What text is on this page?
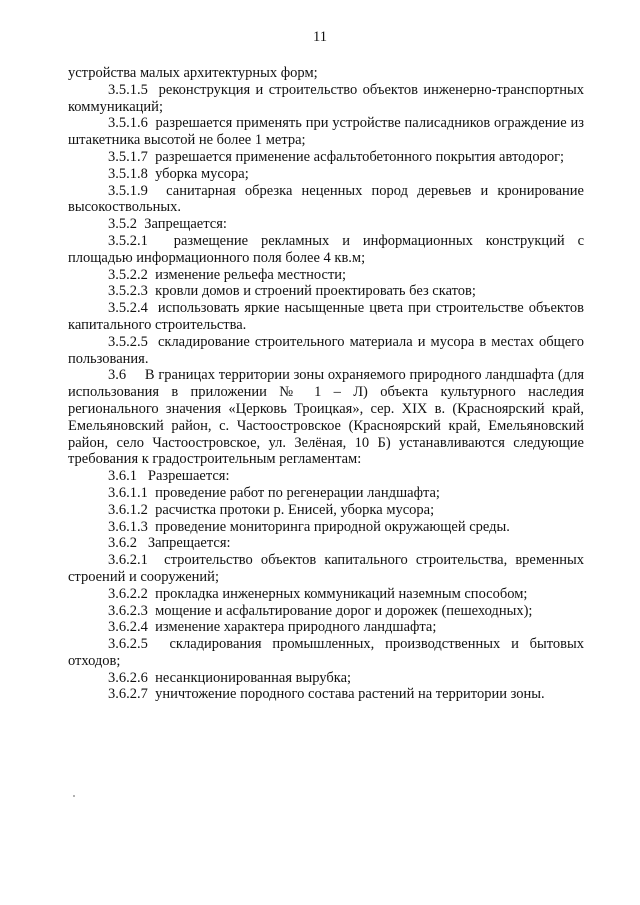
11

устройства малых архитектурных форм;

3.5.1.5 реконструкция и строительство объектов инженерно-транспортных коммуникаций;

3.5.1.6 разрешается применять при устройстве палисадников ограждение из штакетника высотой не более 1 метра;

3.5.1.7 разрешается применение асфальтобетонного покрытия автодорог;

3.5.1.8 уборка мусора;

3.5.1.9 санитарная обрезка неценных пород деревьев и кронирование высокоствольных.

3.5.2 Запрещается:

3.5.2.1 размещение рекламных и информационных конструкций с площадью информационного поля более 4 кв.м;

3.5.2.2 изменение рельефа местности;

3.5.2.3 кровли домов и строений проектировать без скатов;

3.5.2.4 использовать яркие насыщенные цвета при строительстве объектов капитального строительства.

3.5.2.5 складирование строительного материала и мусора в местах общего пользования.

3.6 В границах территории зоны охраняемого природного ландшафта (для использования в приложении № 1 – Л) объекта культурного наследия регионального значения «Церковь Троицкая», сер. XIX в. (Красноярский край, Емельяновский район, с. Частоостровское (Красноярский край, Емельяновский район, село Частоостровское, ул. Зелёная, 10 Б) устанавливаются следующие требования к градостроительным регламентам:

3.6.1 Разрешается:

3.6.1.1 проведение работ по регенерации ландшафта;

3.6.1.2 расчистка протоки р. Енисей, уборка мусора;

3.6.1.3 проведение мониторинга природной окружающей среды.

3.6.2 Запрещается:

3.6.2.1 строительство объектов капитального строительства, временных строений и сооружений;

3.6.2.2 прокладка инженерных коммуникаций наземным способом;

3.6.2.3 мощение и асфальтирование дорог и дорожек (пешеходных);

3.6.2.4 изменение характера природного ландшафта;

3.6.2.5 складирования промышленных, производственных и бытовых отходов;

3.6.2.6 несанкционированная вырубка;

3.6.2.7 уничтожение породного состава растений на территории зоны.
